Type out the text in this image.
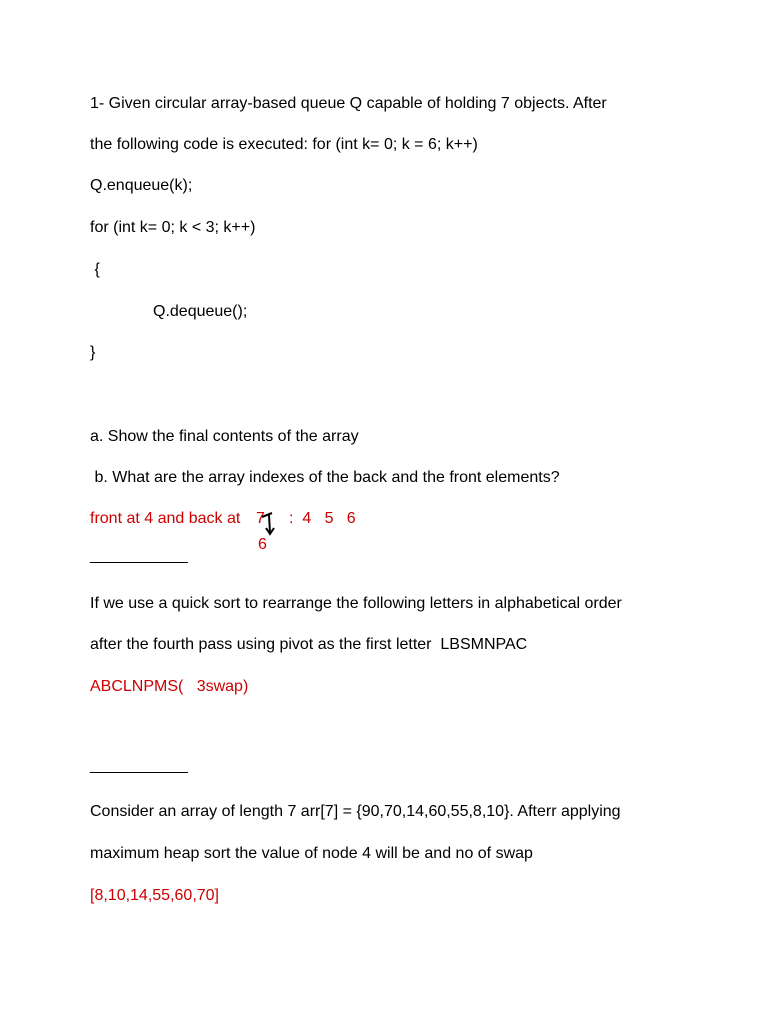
1- Given circular array-based queue Q capable of holding 7 objects. After
the following code is executed: for (int k= 0; k = 6; k++)
Q.enqueue(k);
for (int k= 0; k < 3; k++)
{
Q.dequeue();
}
a. Show the final contents of the array
b. What are the array indexes of the back and the front elements?
front at 4 and back at 7 :  4   5   6
6
___________
If we use a quick sort to rearrange the following letters in alphabetical order
after the fourth pass using pivot as the first letter  LBSMNPAC
ABCLNPMS(   3swap)
___________
Consider an array of length 7 arr[7] = {90,70,14,60,55,8,10}. Afterr applying
maximum heap sort the value of node 4 will be and no of swap
[8,10,14,55,60,70]
